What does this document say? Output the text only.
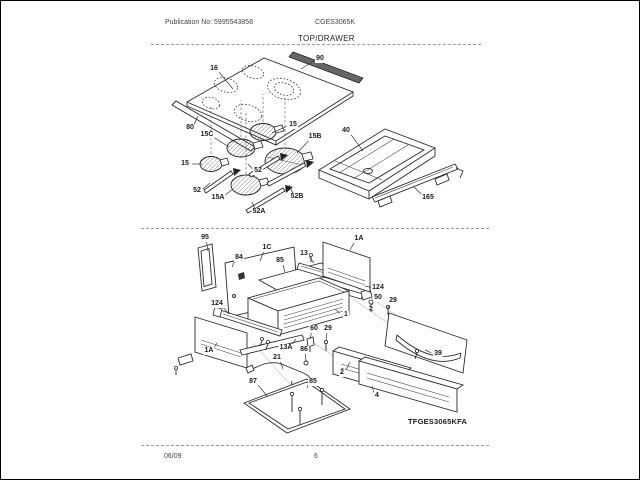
Publication No: 5995543858	CGES3065K
TOP/DRAWER
16
90
80
15C
15
15B
40
15
52
52
15A	52B
52A
165
95
1C
84	85
13
1A
124
50 29
1
124
60 29
1A	13A 86
21
2
87	85
39
4
TFGES3065KFA
06/09	6
